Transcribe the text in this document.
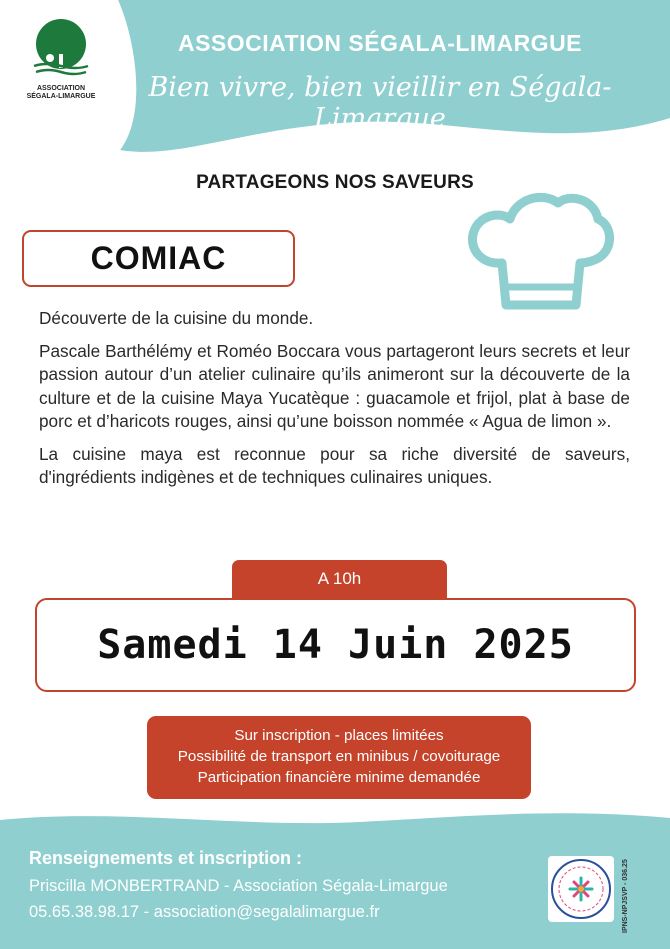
ASSOCIATION
SÉGALA-LIMARGUE
ASSOCIATION SÉGALA-LIMARGUE
Bien vivre, bien vieillir en Ségala-Limargue
PARTAGEONS NOS SAVEURS
COMIAC

Découverte de la cuisine du monde.

Pascale Barthélémy et Roméo Boccara vous partageront leurs secrets et leur passion autour d’un atelier culinaire qu’ils animeront sur la découverte de la culture et de la cuisine Maya Yucatèque : guacamole et frijol, plat à base de porc et d’haricots rouges, ainsi qu’une boisson nommée « Agua de limon ».

La cuisine maya est reconnue pour sa riche diversité de saveurs, d'ingrédients indigènes et de techniques culinaires uniques.

A 10h
Samedi 14 Juin 2025
Sur inscription - places limitées
Possibilité de transport en minibus / covoiturage
Participation financière minime demandée
Renseignements et inscription :
Priscilla MONBERTRAND - Association Ségala-Limargue
05.65.38.98.17 - association@segalalimargue.fr	IPNS-NPJSVP - 036.25
